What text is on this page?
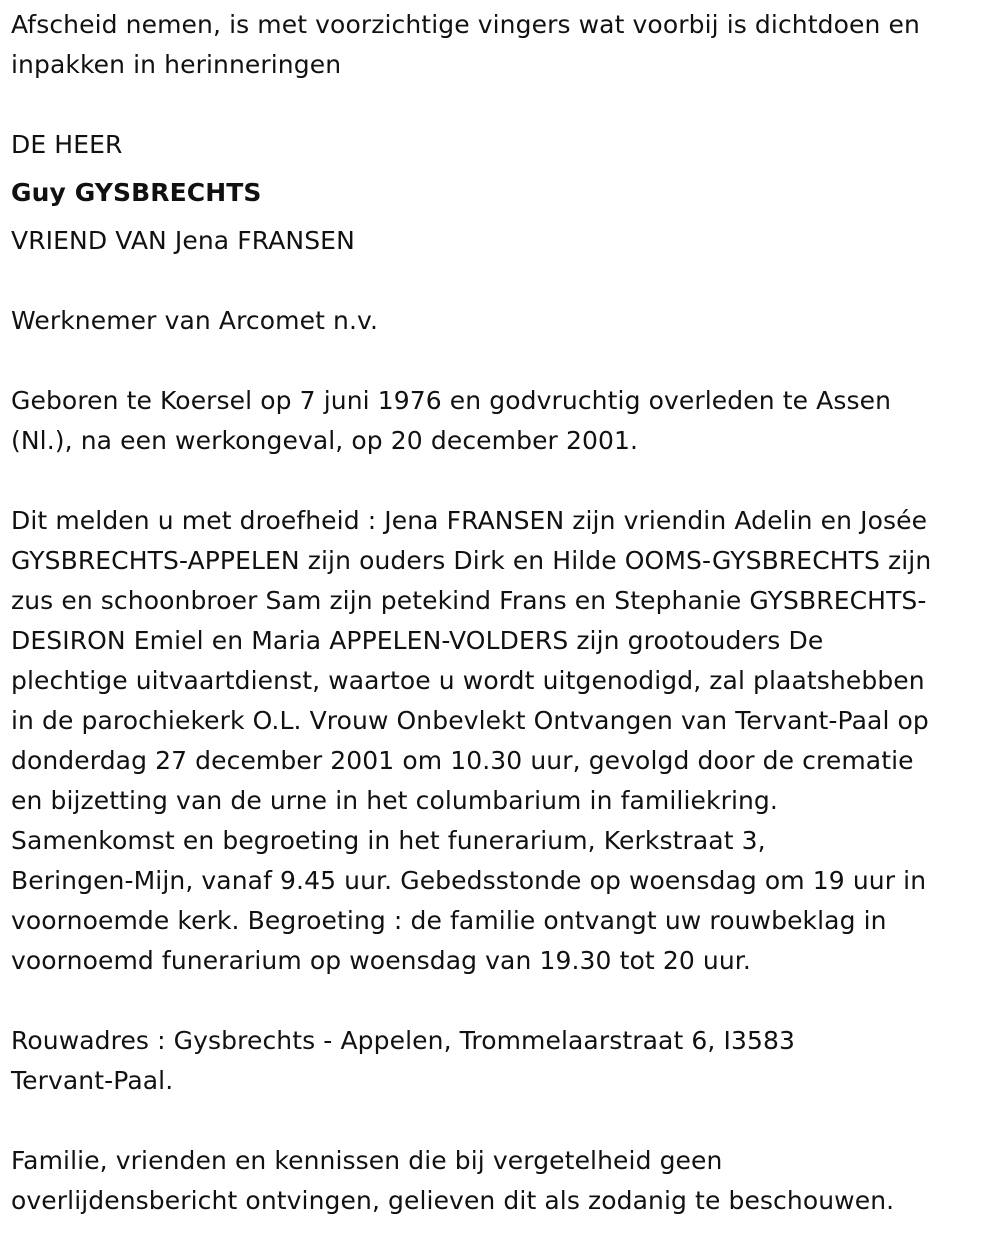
Afscheid nemen, is met voorzichtige vingers wat voorbij is dichtdoen en
inpakken in herinneringen
DE HEER
Guy GYSBRECHTS
VRIEND VAN Jena FRANSEN
Werknemer van Arcomet n.v.
Geboren te Koersel op 7 juni 1976 en godvruchtig overleden te Assen
(Nl.), na een werkongeval, op 20 december 2001.
Dit melden u met droefheid : Jena FRANSEN zijn vriendin Adelin en Josée
GYSBRECHTS-APPELEN zijn ouders Dirk en Hilde OOMS-GYSBRECHTS zijn
zus en schoonbroer Sam zijn petekind Frans en Stephanie GYSBRECHTS-
DESIRON Emiel en Maria APPELEN-VOLDERS zijn grootouders De
plechtige uitvaartdienst, waartoe u wordt uitgenodigd, zal plaatshebben
in de parochiekerk O.L. Vrouw Onbevlekt Ontvangen van Tervant-Paal op
donderdag 27 december 2001 om 10.30 uur, gevolgd door de crematie
en bijzetting van de urne in het columbarium in familiekring.
Samenkomst en begroeting in het funerarium, Kerkstraat 3,
Beringen-Mijn, vanaf 9.45 uur. Gebedsstonde op woensdag om 19 uur in
voornoemde kerk. Begroeting : de familie ontvangt uw rouwbeklag in
voornoemd funerarium op woensdag van 19.30 tot 20 uur.
Rouwadres : Gysbrechts - Appelen, Trommelaarstraat 6, I3583
Tervant-Paal.
Familie, vrienden en kennissen die bij vergetelheid geen
overlijdensbericht ontvingen, gelieven dit als zodanig te beschouwen.
